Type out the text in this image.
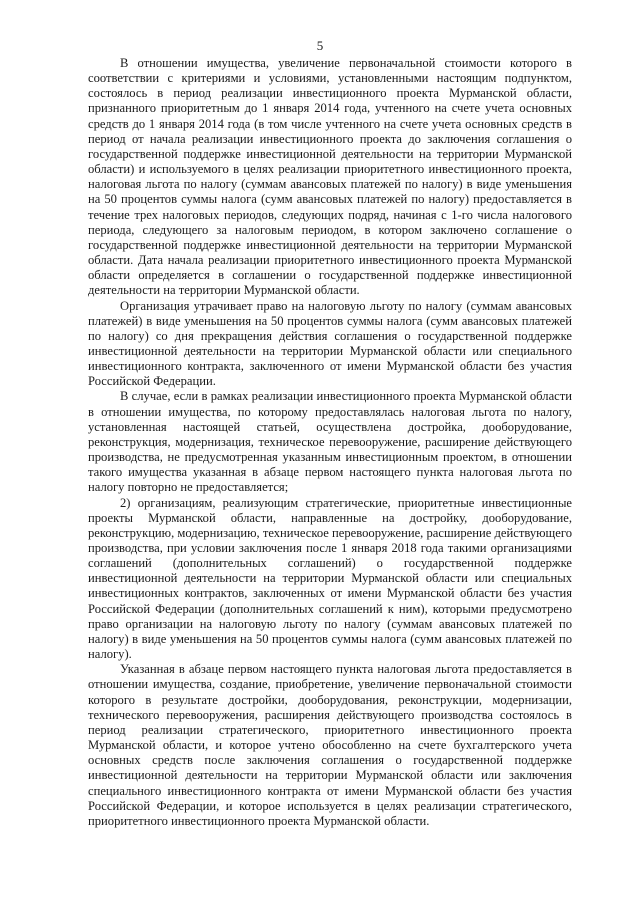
5

В отношении имущества, увеличение первоначальной стоимости которого в соответствии с критериями и условиями, установленными настоящим подпунктом, состоялось в период реализации инвестиционного проекта Мурманской области, признанного приоритетным до 1 января 2014 года, учтенного на счете учета основных средств до 1 января 2014 года (в том числе учтенного на счете учета основных средств в период от начала реализации инвестиционного проекта до заключения соглашения о государственной поддержке инвестиционной деятельности на территории Мурманской области) и используемого в целях реализации приоритетного инвестиционного проекта, налоговая льгота по налогу (суммам авансовых платежей по налогу) в виде уменьшения на 50 процентов суммы налога (сумм авансовых платежей по налогу) предоставляется в течение трех налоговых периодов, следующих подряд, начиная с 1-го числа налогового периода, следующего за налоговым периодом, в котором заключено соглашение о государственной поддержке инвестиционной деятельности на территории Мурманской области. Дата начала реализации приоритетного инвестиционного проекта Мурманской области определяется в соглашении о государственной поддержке инвестиционной деятельности на территории Мурманской области.

Организация утрачивает право на налоговую льготу по налогу (суммам авансовых платежей) в виде уменьшения на 50 процентов суммы налога (сумм авансовых платежей по налогу) со дня прекращения действия соглашения о государственной поддержке инвестиционной деятельности на территории Мурманской области или специального инвестиционного контракта, заключенного от имени Мурманской области без участия Российской Федерации.

В случае, если в рамках реализации инвестиционного проекта Мурманской области в отношении имущества, по которому предоставлялась налоговая льгота по налогу, установленная настоящей статьей, осуществлена достройка, дооборудование, реконструкция, модернизация, техническое перевооружение, расширение действующего производства, не предусмотренная указанным инвестиционным проектом, в отношении такого имущества указанная в абзаце первом настоящего пункта налоговая льгота по налогу повторно не предоставляется;

2) организациям, реализующим стратегические, приоритетные инвестиционные проекты Мурманской области, направленные на достройку, дооборудование, реконструкцию, модернизацию, техническое перевооружение, расширение действующего производства, при условии заключения после 1 января 2018 года такими организациями соглашений (дополнительных соглашений) о государственной поддержке инвестиционной деятельности на территории Мурманской области или специальных инвестиционных контрактов, заключенных от имени Мурманской области без участия Российской Федерации (дополнительных соглашений к ним), которыми предусмотрено право организации на налоговую льготу по налогу (суммам авансовых платежей по налогу) в виде уменьшения на 50 процентов суммы налога (сумм авансовых платежей по налогу).

Указанная в абзаце первом настоящего пункта налоговая льгота предоставляется в отношении имущества, создание, приобретение, увеличение первоначальной стоимости которого в результате достройки, дооборудования, реконструкции, модернизации, технического перевооружения, расширения действующего производства состоялось в период реализации стратегического, приоритетного инвестиционного проекта Мурманской области, и которое учтено обособленно на счете бухгалтерского учета основных средств после заключения соглашения о государственной поддержке инвестиционной деятельности на территории Мурманской области или заключения специального инвестиционного контракта от имени Мурманской области без участия Российской Федерации, и которое используется в целях реализации стратегического, приоритетного инвестиционного проекта Мурманской области.
